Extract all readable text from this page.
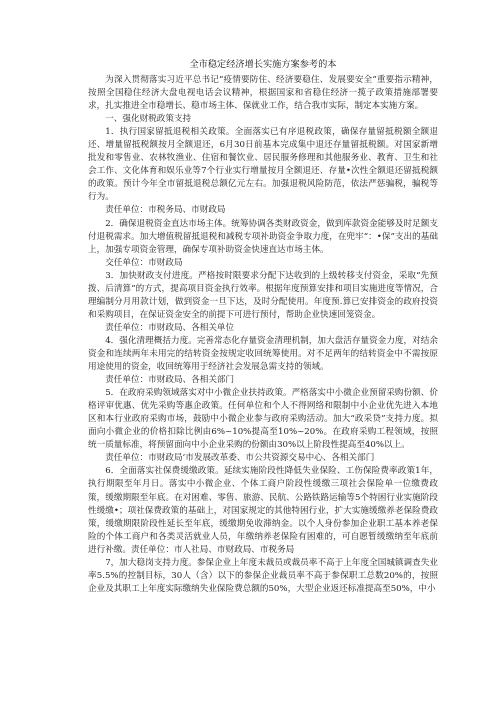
全市稳定经济增长实施方案参考的本

为深入贯彻落实习近平总书记“疫情要防住、经济要稳住、发展要安全”重要指示精神，按照全国稳住经济大盘电视电话会议精神，根据国家和省稳住经济一揽子政策措施部署要求，扎实推进全市稳增长、稳市场主体、保就业工作，结合我市实际，制定本实施方案。

一、强化财税政策支持

1．执行国家留抵退税相关政策。全面落实已有序退税政策，确保存量留抵税额全额退还、增量留抵税额按月全额退还，6月30日前基本完成集中退还存量留抵税额。对国家新增批发和零售业、农林牧渔业、住宿和餐饮业、居民服务修理和其他服务业、教育、卫生和社会工作、文化体育和娱乐业等7个行业实行增量按月全额退还、存量•次性全额退还留抵税额的政策。预计今年全市留抵退税总额亿元左右。加强退税风险防范，依法严惩骗税，骗税等行为。

责任单位：市税务局、市财政局

2．确保退税资金直达市场主体。统筹协调各类财政资金，做到库款资金能够及时足额支付退税需求。加大增值税留抵退税和减税专项补助资金争取力度，在兜牢“：•保”支出的基础上，加强专项资金管理，确保专项补助资金快速直达市场主体。

交任单位：市财政局

3．加快财政支付进度。严格按时限要求分配下达收到的上级转移支付资金，采取“先预拨、后清算”的方式，提高项目资金执行效率。根据年度预算安排和项目实施进度等情况，合理编制分月用款计划，做到资金一旦下达，及时分配使用。年度预.算已安排资金的政府投资和采购项目，在保证资金安全的前提下可进行预付，帮助企业快速回笼资金。

责任单位：市财政局、各相关单位

4．强化清理概括力度。完善常态化存量资金清理机制，加大盘活存量资金力度，对结余资金和连续两年未用完的结转资金按规定收回统筹使用。对不足两年的结转资金中不需按原用途使用的资金，收回统筹用于经济社会发展急需支持的领域。

责任单位：市财政局、各相关部门

5．在政府采购领域落实对中小微企业扶持政策。严格落实中小微企业预留采购份额、价格评审优惠、优先采购等惠企政策。任何单位和个人不得网络和限制中小企业优先进入本地区和本行业政府采购市场，鼓励中小微企业参与政府采购活动。加大“政采贷”支持力度。拟面向小微企业的价格扣除比例由6%~10%提高至10%~20%。在政府采购工程领域，按照统一质量标准，将预留面向中小企业采购的份额由30%以上阶段性提高至40%以上。

责任单位：市财政局’市发展改革委、市公共资源交易中心、各相关部门

6．全面落实社保费缓缴政策。延续实施阶段性降低失业保险、工伤保险费率政策1年，执行期限至年月日。落实中小微企业、个体工商户阶段性缓缴三项社会保险单一位缴费政策，缓缴期限至年底。在对困难、零售、旅游、民航、公路铁路运输等5个特困行业实施阶段性缓缴•；项社保费政策的基础上，对国家规定的其他特困行业，扩大实施缓缴养老保险费政策，缓缴期限阶段性延长至年底，缓缴期免收滞纳金。以个人身份参加企业职工基本养老保险的个体工商户和各类灵活就业人员，年缴纳养老保险有困难的，可自愿暂缓缴纳至年底前进行补缴。责任单位：市人社局、市财政局、市税务局

7，加大稳岗支持力度。参保企业上年度未裁员或裁员率不高于上年度全国城镇调查失业率5.5%的控制目标，30人（含）以下的参保企业裁员率不高于参保职工总数20%的，按照企业及其职工上年度实际缴纳失业保险费总额的50%，大型企业返还标准提高至50%，中小
